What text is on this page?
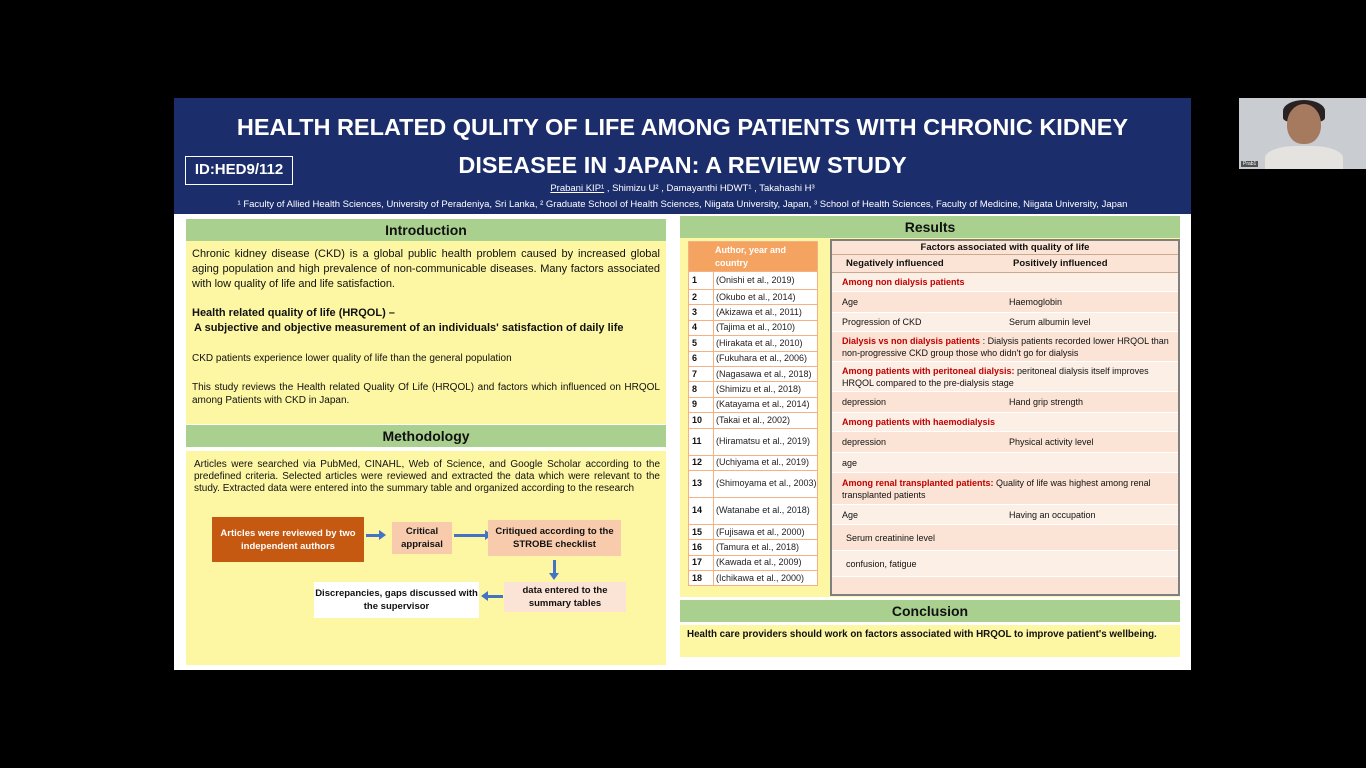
Prab1
HEALTH RELATED QULITY OF LIFE AMONG PATIENTS WITH CHRONIC KIDNEY
DISEASEE IN JAPAN: A REVIEW STUDY
ID:HED9/112
Prabani KIP¹ , Shimizu U² , Damayanthi HDWT¹ , Takahashi H³
¹ Faculty of Allied Health Sciences, University of Peradeniya, Sri Lanka, ² Graduate School of Health Sciences, Niigata University, Japan, ³ School of Health Sciences, Faculty of Medicine, Niigata University, Japan
Introduction

Chronic kidney disease (CKD) is a global public health problem caused by increased global aging population and high prevalence of non-communicable diseases. Many factors associated with low quality of life and life satisfaction.

Health related quality of life (HRQOL) –

A subjective and objective measurement of an individuals' satisfaction of daily life

CKD patients experience lower quality of life than the general population

This study reviews the Health related Quality Of Life (HRQOL) and factors which influenced on HRQOL among Patients with CKD in Japan.

Methodology

Articles were searched via PubMed, CINAHL, Web of Science, and Google Scholar according to the predefined criteria. Selected articles were reviewed and extracted the data which were relevant to the study. Extracted data were entered into the summary table and organized according to the research

Articles were reviewed by two independent authors
Critical appraisal
Critiqued according to the STROBE checklist
data entered to the summary tables
Discrepancies, gaps discussed with the supervisor
Results
Author, year and country
1	(Onishi et al., 2019)
2	(Okubo et al., 2014)
3	(Akizawa et al., 2011)
4	(Tajima et al., 2010)
5	(Hirakata et al., 2010)
6	(Fukuhara et al., 2006)
7	(Nagasawa et al., 2018)
8	(Shimizu et al., 2018)
9	(Katayama et al., 2014)
10	(Takai et al., 2002)
11	(Hiramatsu et al., 2019)
12	(Uchiyama et al., 2019)
13	(Shimoyama et al., 2003)
14	(Watanabe et al., 2018)
15	(Fujisawa et al., 2000)
16	(Tamura et al., 2018)
17	(Kawada et al., 2009)
18	(Ichikawa et al., 2000)
Factors associated with quality of life
Negatively influenced	Positively influenced
Among non dialysis patients
Age	Haemoglobin
Progression of CKD	Serum albumin level
Dialysis vs non dialysis patients : Dialysis patients recorded lower HRQOL than non-progressive CKD group those who didn't go for dialysis
Among patients with peritoneal dialysis: peritoneal dialysis itself improves HRQOL compared to the pre-dialysis stage
depression	Hand grip strength
Among patients with haemodialysis
depression	Physical activity level
age
Among renal transplanted patients: Quality of life was highest among renal transplanted patients
Age	Having an occupation
Serum creatinine level
confusion, fatigue
Conclusion
Health care providers should work on factors associated with HRQOL to improve patient's wellbeing.
